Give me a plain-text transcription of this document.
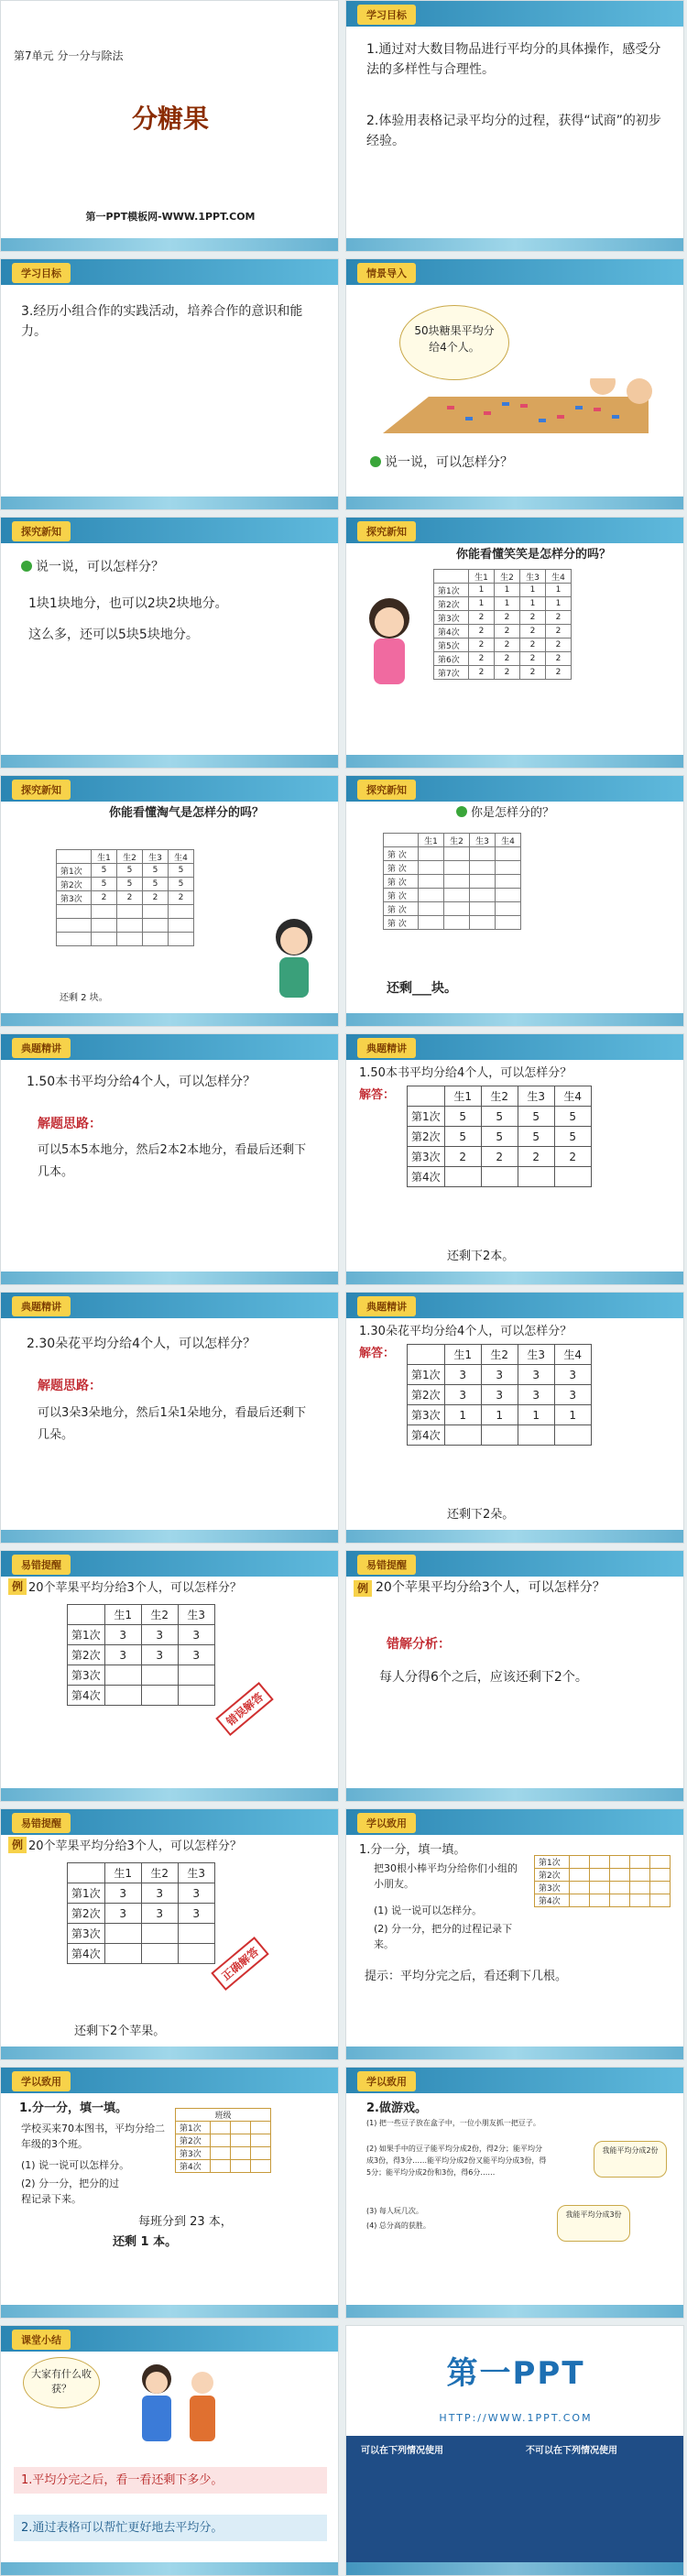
第7单元 分一分与除法
分糖果
第一PPT模板网-WWW.1PPT.COM
学习目标
1.通过对大数目物品进行平均分的具体操作，感受分法的多样性与合理性。
2.体验用表格记录平均分的过程，获得“试商”的初步经验。
学习目标
3.经历小组合作的实践活动，培养合作的意识和能力。
情景导入
50块糖果平均分给4个人。
说一说，可以怎样分？
探究新知
说一说，可以怎样分？
1块1块地分，也可以2块2块地分。
这么多，还可以5块5块地分。
探究新知
你能看懂笑笑是怎样分的吗？
	生1	生2	生3	生4
第1次	1	1	1	1
第2次	1	1	1	1
第3次	2	2	2	2
第4次	2	2	2	2
第5次	2	2	2	2
第6次	2	2	2	2
第7次	2	2	2	2
探究新知
你能看懂淘气是怎样分的吗？
	生1	生2	生3	生4
第1次	5	5	5	5
第2次	5	5	5	5
第3次	2	2	2	2

还剩 2 块。
探究新知
你是怎样分的？
	生1	生2	生3	生4
第 次				
第 次				
第 次				
第 次				
第 次				
第 次				
还剩___块。
典题精讲
1.50本书平均分给4个人，可以怎样分？
解题思路：
可以5本5本地分，然后2本2本地分，看最后还剩下几本。
典题精讲
1.50本书平均分给4个人，可以怎样分？
解答：
		生1	生2	生3	生4
第1次	5	5	5	5
第2次	5	5	5	5
第3次	2	2	2	2
第4次				
还剩下2本。
典题精讲
2.30朵花平均分给4个人，可以怎样分？
解题思路：
可以3朵3朵地分，然后1朵1朵地分，看最后还剩下几朵。
典题精讲
1.30朵花平均分给4个人，可以怎样分？
解答：
		生1	生2	生3	生4
第1次	3	3	3	3
第2次	3	3	3	3
第3次	1	1	1	1
第4次				
还剩下2朵。
易错提醒
例 20个苹果平均分给3个人，可以怎样分？
	生1	生2	生3
第1次	3	3	3
第2次	3	3	3
第3次			
第4次				错误解答
易错提醒
例 20个苹果平均分给3个人，可以怎样分？
错解分析：
每人分得6个之后，应该还剩下2个。
易错提醒
例 20个苹果平均分给3个人，可以怎样分？
	生1	生2	生3
第1次	3	3	3
第2次	3	3	3
第3次			
第4次				正确解答
还剩下2个苹果。
学以致用
1.分一分，填一填。
把30根小棒平均分给你们小组的小朋友。
(1) 说一说可以怎样分。
(2) 分一分，把分的过程记录下来。
提示：平均分完之后，看还剩下几根。
第1次					
第2次					
第3次					
第4次					
学以致用
1.分一分，填一填。
学校买来70本图书，平均分给二年级的3个班。
(1) 说一说可以怎样分。
(2) 分一分，把分的过程记录下来。
班级			
第1次			
第2次			
第3次			
第4次			
每班分到 23 本，
还剩 1 本。
学以致用
2.做游戏。
(1) 把一些豆子放在盒子中，一位小朋友抓一把豆子。
(2) 如果手中的豆子能平均分成2份，得2分；能平均分成3份，得3分……能平均分成2份又能平均分成3份，得5分；能平均分成2份和3份，得6分……
(3) 每人玩几次。
(4) 总分高的获胜。
我能平均分成2份
我能平均分成3份
课堂小结
大家有什么收获？
1.平均分完之后，看一看还剩下多少。
2.通过表格可以帮忙更好地去平均分。
第一PPT
HTTP://WWW.1PPT.COM
可以在下列情况使用	不可以在下列情况使用
